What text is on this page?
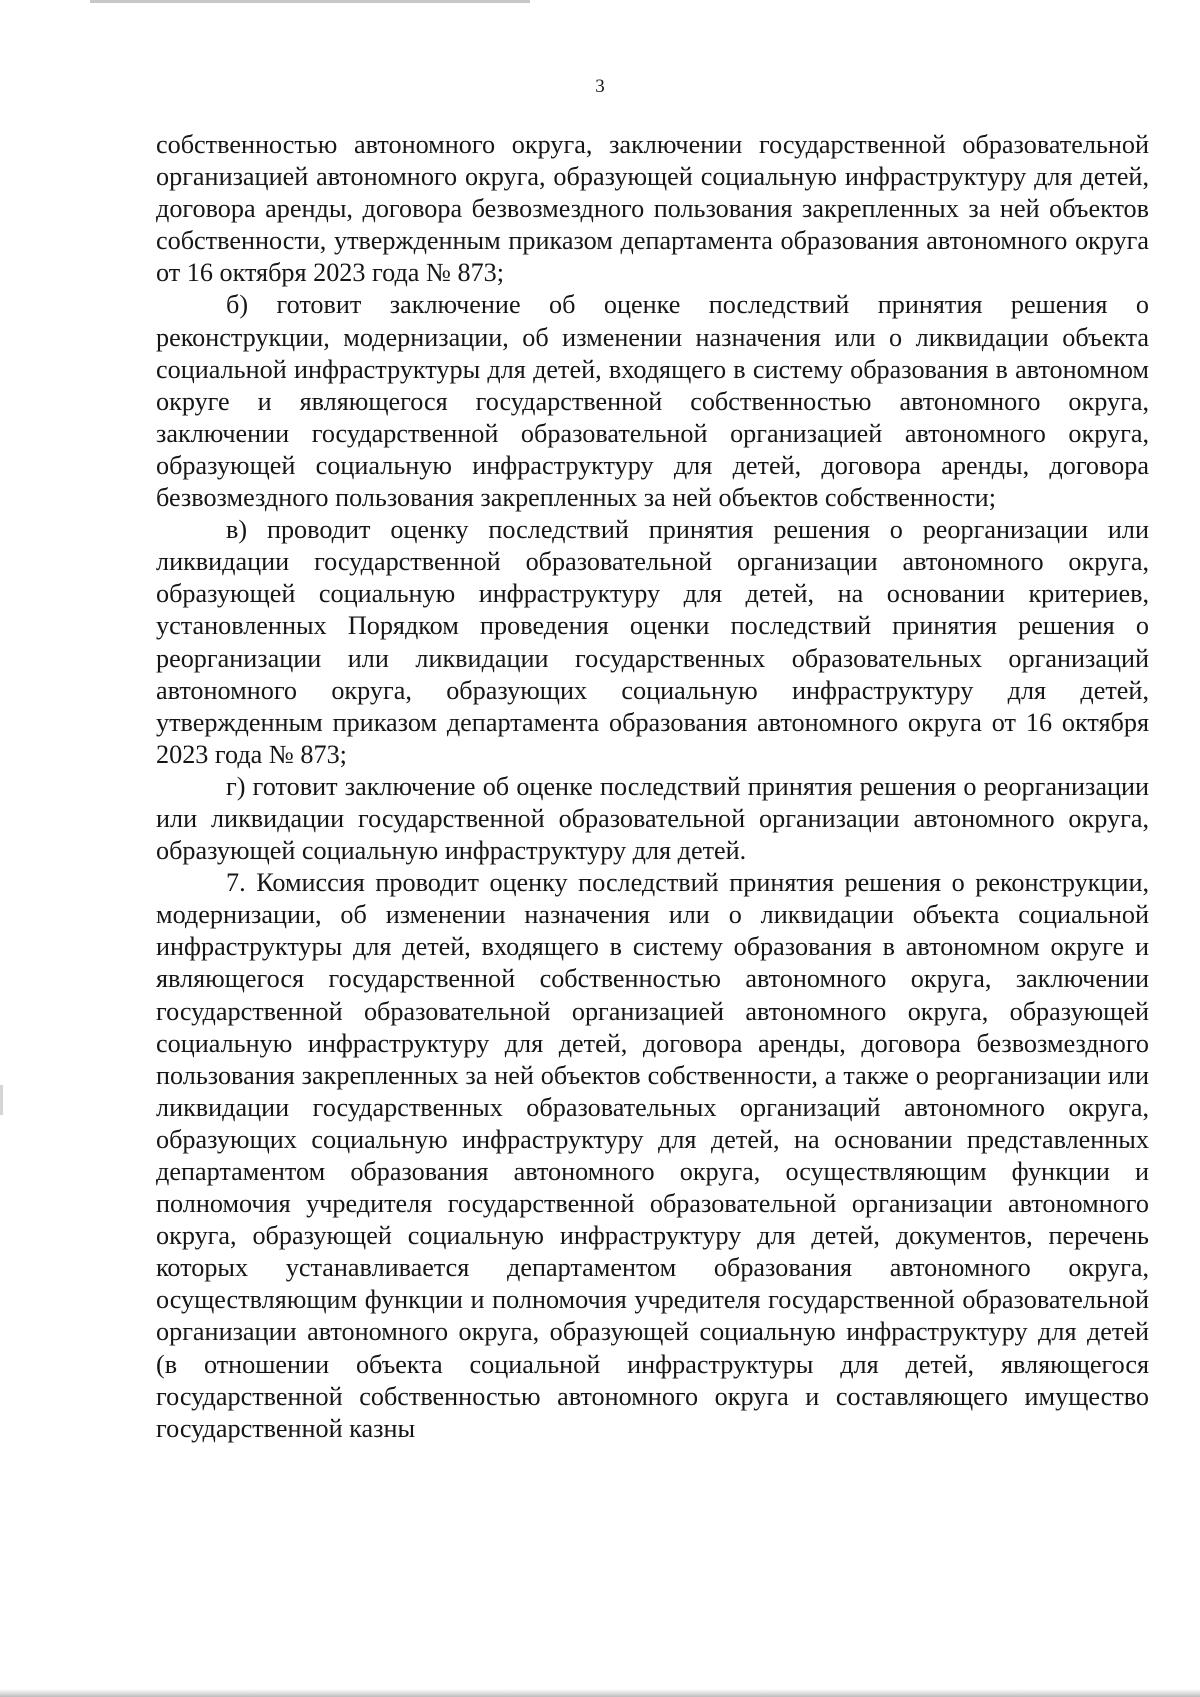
3

собственностью автономного округа, заключении государственной образовательной организацией автономного округа, образующей социальную инфраструктуру для детей, договора аренды, договора безвозмездного пользования закрепленных за ней объектов собственности, утвержденным приказом департамента образования автономного округа от 16 октября 2023 года № 873;

б) готовит заключение об оценке последствий принятия решения о реконструкции, модернизации, об изменении назначения или о ликвидации объекта социальной инфраструктуры для детей, входящего в систему образования в автономном округе и являющегося государственной собственностью автономного округа, заключении государственной образовательной организацией автономного округа, образующей социальную инфраструктуру для детей, договора аренды, договора безвозмездного пользования закрепленных за ней объектов собственности;

в) проводит оценку последствий принятия решения о реорганизации или ликвидации государственной образовательной организации автономного округа, образующей социальную инфраструктуру для детей, на основании критериев, установленных Порядком проведения оценки последствий принятия решения о реорганизации или ликвидации государственных образовательных организаций автономного округа, образующих социальную инфраструктуру для детей, утвержденным приказом департамента образования автономного округа от 16 октября 2023 года № 873;

г) готовит заключение об оценке последствий принятия решения о реорганизации или ликвидации государственной образовательной организации автономного округа, образующей социальную инфраструктуру для детей.

7. Комиссия проводит оценку последствий принятия решения о реконструкции, модернизации, об изменении назначения или о ликвидации объекта социальной инфраструктуры для детей, входящего в систему образования в автономном округе и являющегося государственной собственностью автономного округа, заключении государственной образовательной организацией автономного округа, образующей социальную инфраструктуру для детей, договора аренды, договора безвозмездного пользования закрепленных за ней объектов собственности, а также о реорганизации или ликвидации государственных образовательных организаций автономного округа, образующих социальную инфраструктуру для детей, на основании представленных департаментом образования автономного округа, осуществляющим функции и полномочия учредителя государственной образовательной организации автономного округа, образующей социальную инфраструктуру для детей, документов, перечень которых устанавливается департаментом образования автономного округа, осуществляющим функции и полномочия учредителя государственной образовательной организации автономного округа, образующей социальную инфраструктуру для детей (в отношении объекта социальной инфраструктуры для детей, являющегося государственной собственностью автономного округа и составляющего имущество государственной казны
